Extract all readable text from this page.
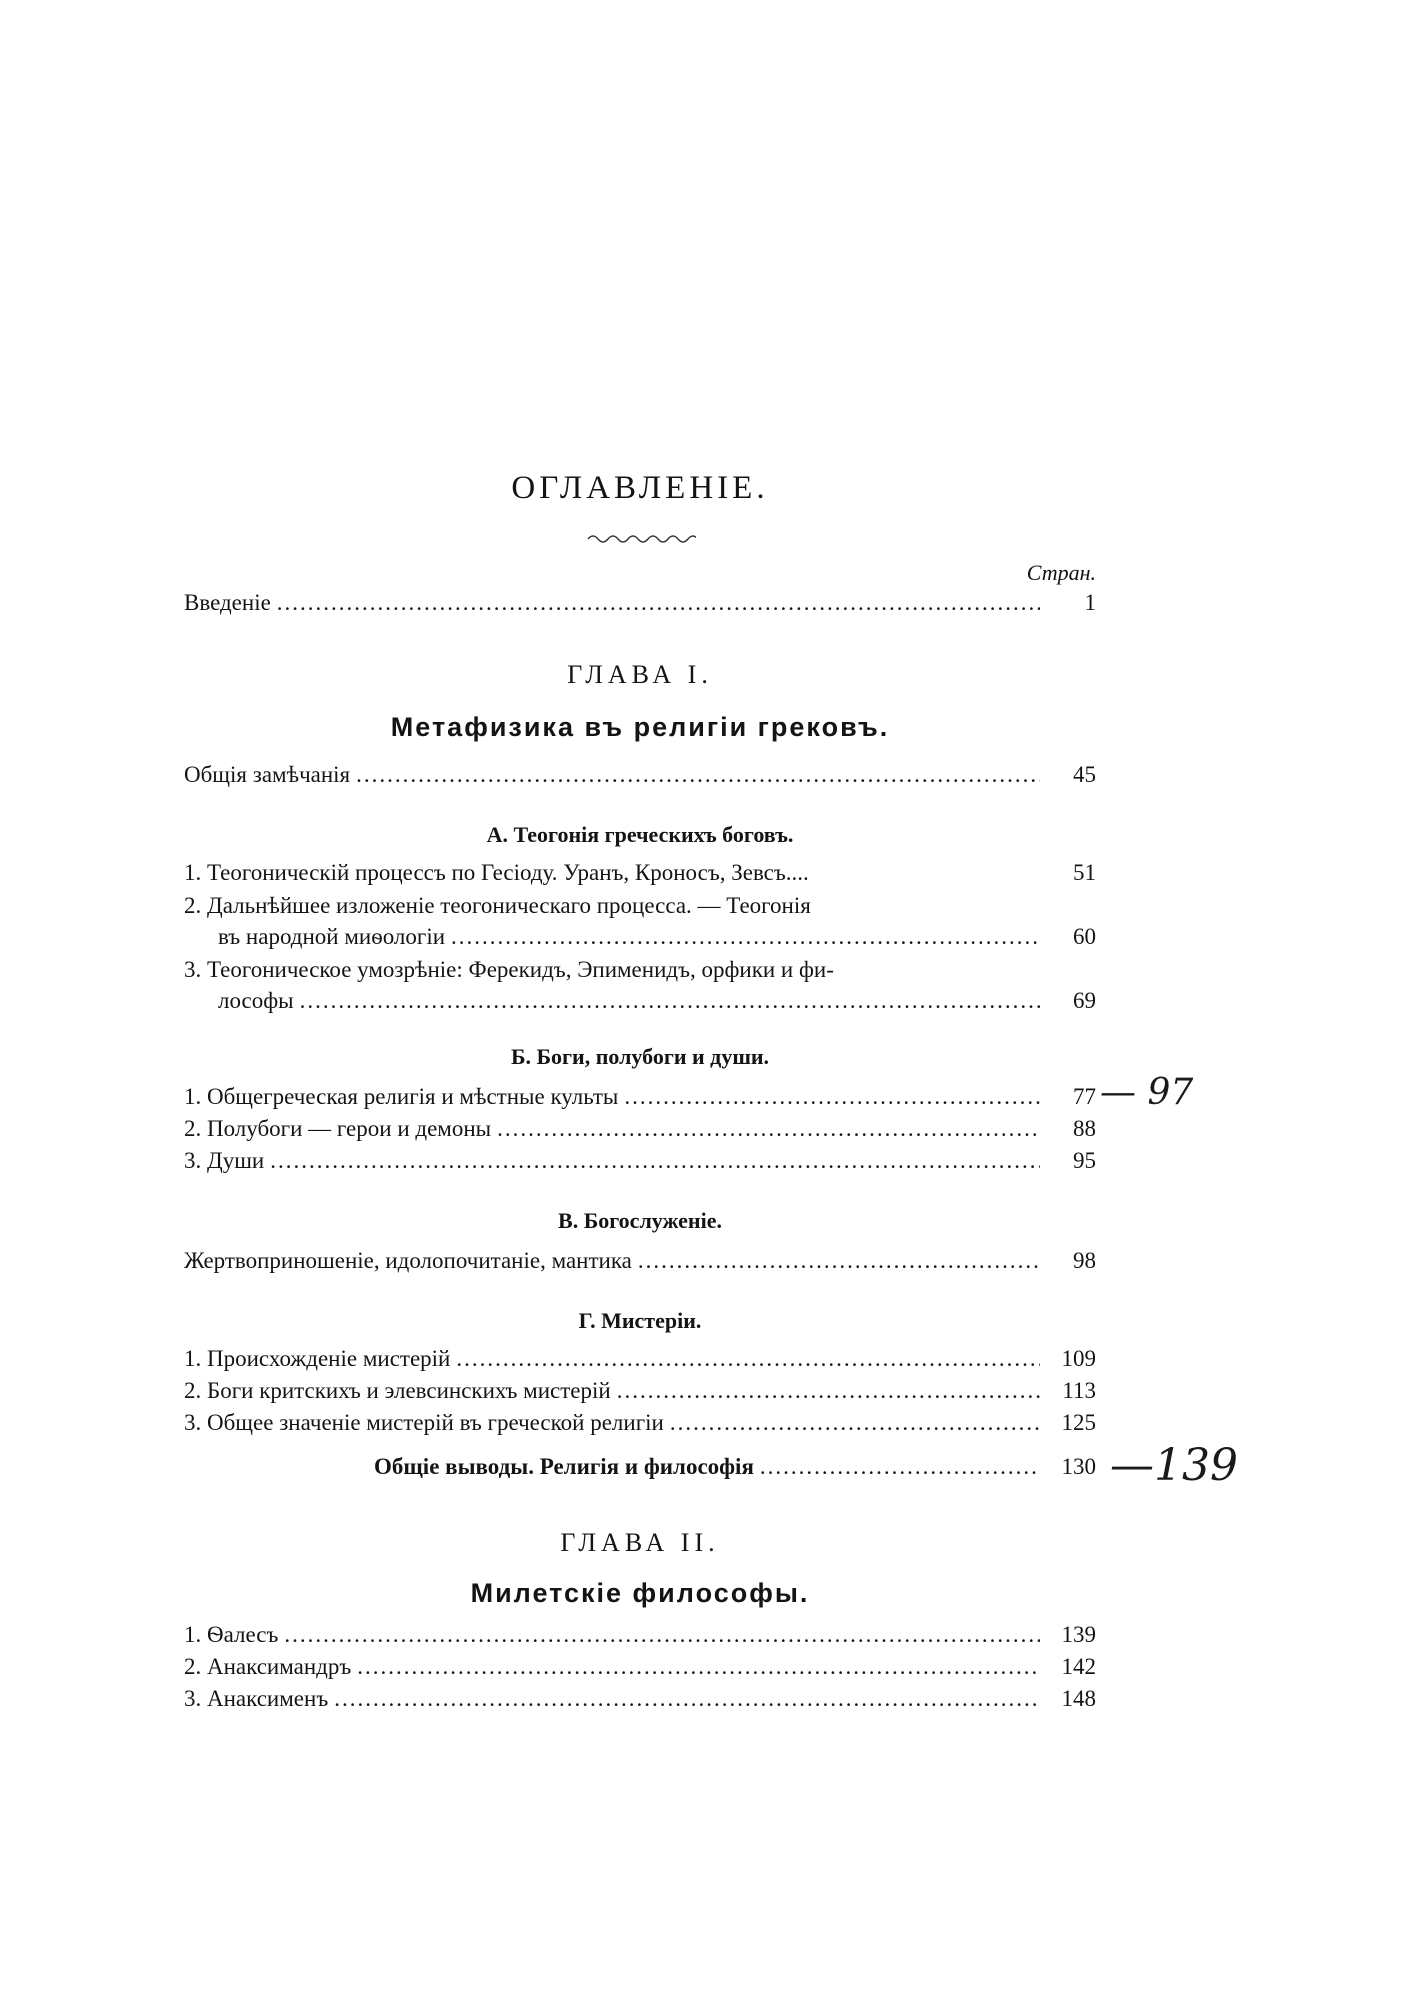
ОГЛАВЛЕНІЕ.
Стран.
Введеніе .....	1
ГЛАВА I.
Метафизика въ религіи грековъ.
Общія замѣчанія .....	45
А. Теогонія греческихъ боговъ.
1. Теогоническій процессъ по Гесіоду. Уранъ, Кроносъ, Зевсъ....	51
2. Дальнѣйшее изложеніе теогоническаго процесса. — Теогонія
въ народной миѳологіи .....	60
3. Теогоническое умозрѣніе: Ферекидъ, Эпименидъ, орфики и фи-
лософы .....	69
Б. Боги, полубоги и души.
1. Общегреческая религія и мѣстные культы .....	77
2. Полубоги — герои и демоны .....	88
3. Души .....	95
В. Богослуженіе.
Жертвоприношеніе, идолопочитаніе, мантика .....	98
Г. Мистеріи.
1. Происхожденіе мистерій .....	109
2. Боги критскихъ и элевсинскихъ мистерій .....	113
3. Общее значеніе мистерій въ греческой религіи .....	125
Общіе выводы. Религія и философія .....	130
ГЛАВА II.
Милетскіе философы.
1. Ѳалесъ .....	139
2. Анаксимандръ .....	142
3. Анаксименъ .....	148
— 97
—139
